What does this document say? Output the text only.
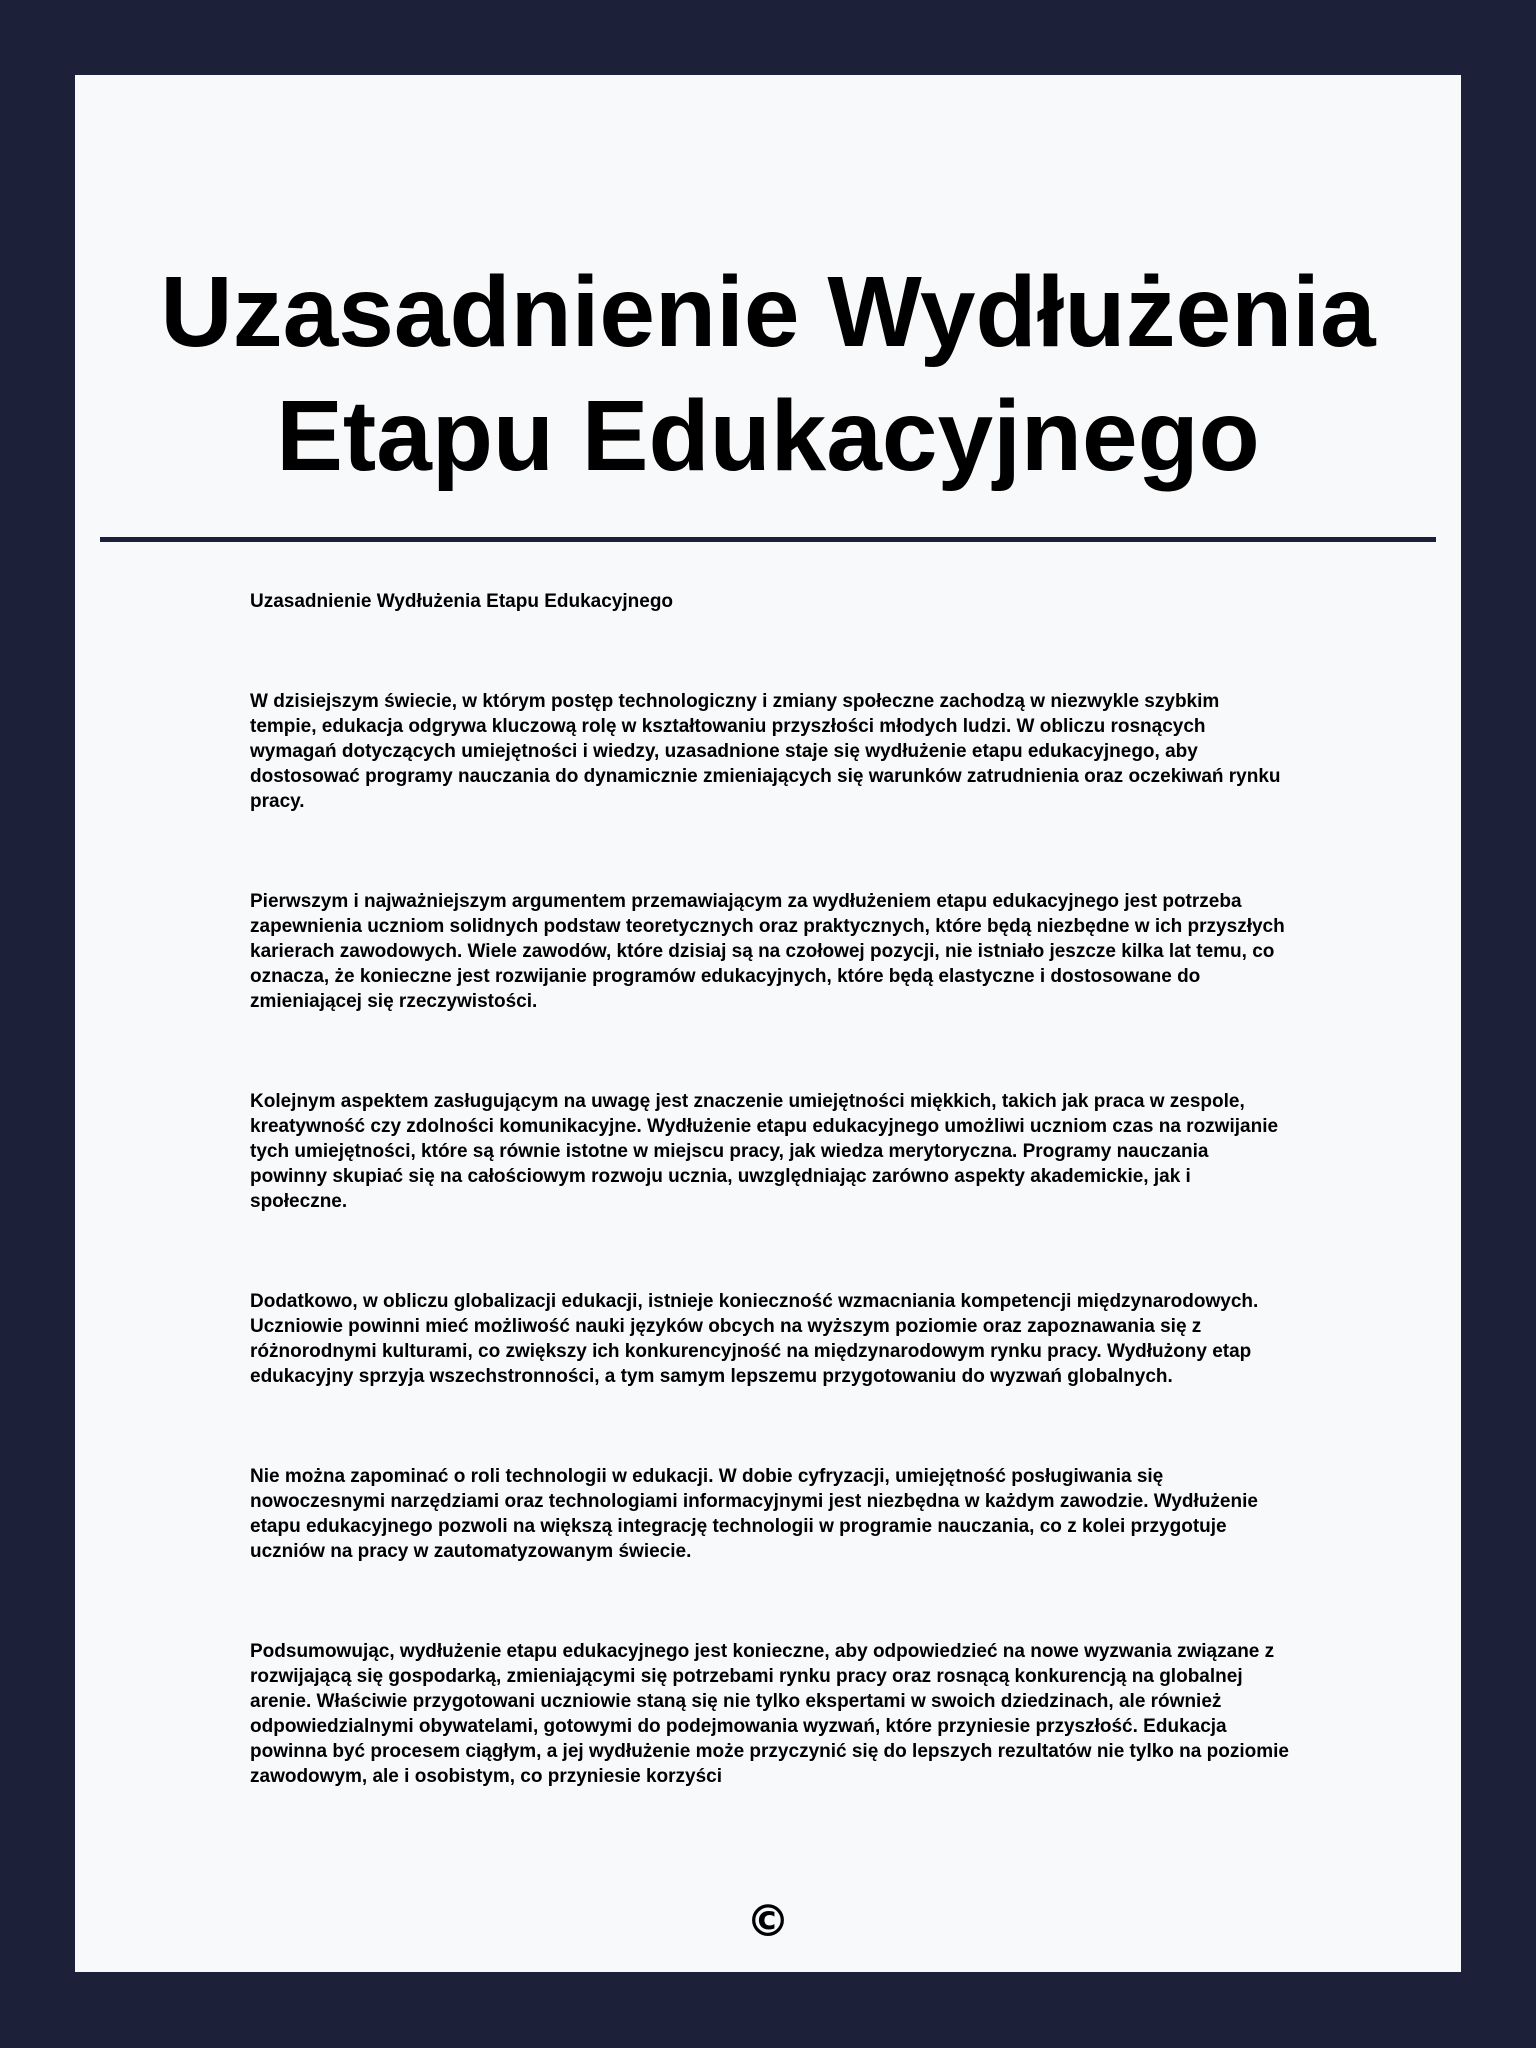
Uzasadnienie Wydłużenia Etapu Edukacyjnego

Uzasadnienie Wydłużenia Etapu Edukacyjnego

W dzisiejszym świecie, w którym postęp technologiczny i zmiany społeczne zachodzą w niezwykle szybkim tempie, edukacja odgrywa kluczową rolę w kształtowaniu przyszłości młodych ludzi. W obliczu rosnących wymagań dotyczących umiejętności i wiedzy, uzasadnione staje się wydłużenie etapu edukacyjnego, aby dostosować programy nauczania do dynamicznie zmieniających się warunków zatrudnienia oraz oczekiwań rynku pracy.

Pierwszym i najważniejszym argumentem przemawiającym za wydłużeniem etapu edukacyjnego jest potrzeba zapewnienia uczniom solidnych podstaw teoretycznych oraz praktycznych, które będą niezbędne w ich przyszłych karierach zawodowych. Wiele zawodów, które dzisiaj są na czołowej pozycji, nie istniało jeszcze kilka lat temu, co oznacza, że ​​konieczne jest rozwijanie programów edukacyjnych, które będą elastyczne i dostosowane do zmieniającej się rzeczywistości.

Kolejnym aspektem zasługującym na uwagę jest znaczenie umiejętności miękkich, takich jak praca w zespole, kreatywność czy zdolności komunikacyjne. Wydłużenie etapu edukacyjnego umożliwi uczniom czas na rozwijanie tych umiejętności, które są równie istotne w miejscu pracy, jak wiedza merytoryczna. Programy nauczania powinny skupiać się na całościowym rozwoju ucznia, uwzględniając zarówno aspekty akademickie, jak i społeczne.

Dodatkowo, w obliczu globalizacji edukacji, istnieje konieczność wzmacniania kompetencji międzynarodowych. Uczniowie powinni mieć możliwość nauki języków obcych na wyższym poziomie oraz zapoznawania się z różnorodnymi kulturami, co zwiększy ich konkurencyjność na międzynarodowym rynku pracy. Wydłużony etap edukacyjny sprzyja wszechstronności, a tym samym lepszemu przygotowaniu do wyzwań globalnych.

Nie można zapominać o roli technologii w edukacji. W dobie cyfryzacji, umiejętność posługiwania się nowoczesnymi narzędziami oraz technologiami informacyjnymi jest niezbędna w każdym zawodzie. Wydłużenie etapu edukacyjnego pozwoli na większą integrację technologii w programie nauczania, co z kolei przygotuje uczniów na pracy w zautomatyzowanym świecie.

Podsumowując, wydłużenie etapu edukacyjnego jest konieczne, aby odpowiedzieć na nowe wyzwania związane z rozwijającą się gospodarką, zmieniającymi się potrzebami rynku pracy oraz rosnącą konkurencją na globalnej arenie. Właściwie przygotowani uczniowie staną się nie tylko ekspertami w swoich dziedzinach, ale również odpowiedzialnymi obywatelami, gotowymi do podejmowania wyzwań, które przyniesie przyszłość. Edukacja powinna być procesem ciągłym, a jej wydłużenie może przyczynić się do lepszych rezultatów nie tylko na poziomie zawodowym, ale i osobistym, co przyniesie korzyści

©
